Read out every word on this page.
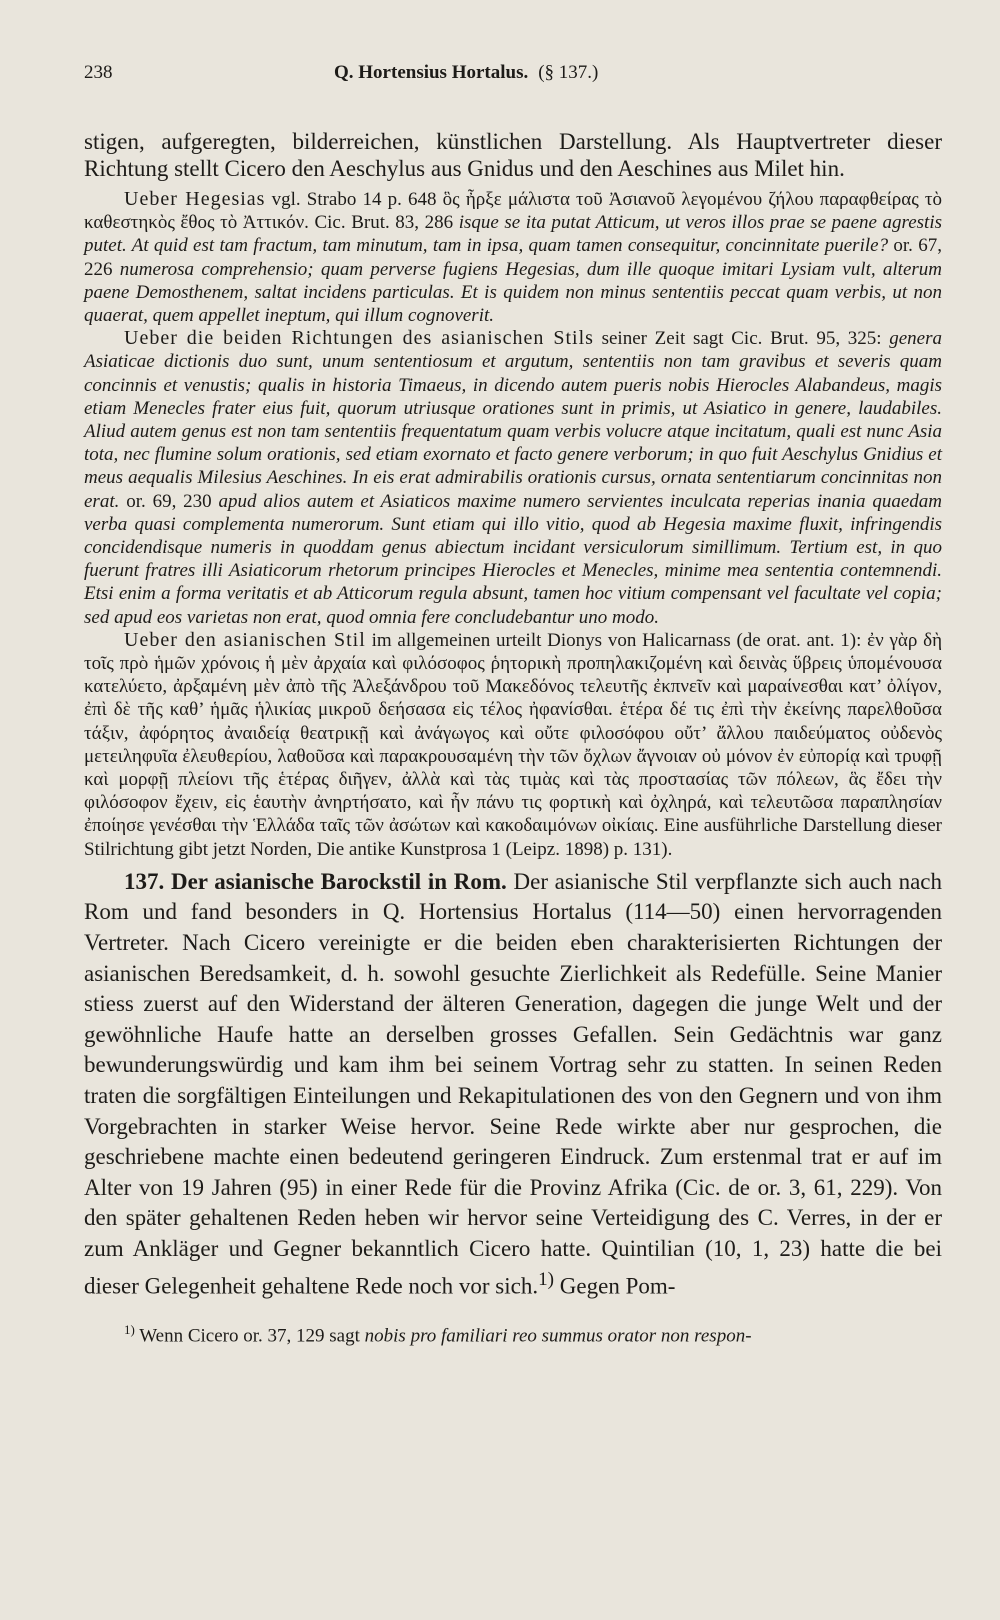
238	Q. Hortensius Hortalus. (§ 137.)

stigen, aufgeregten, bilderreichen, künstlichen Darstellung. Als Hauptvertreter dieser Richtung stellt Cicero den Aeschylus aus Gnidus und den Aeschines aus Milet hin.

Ueber Hegesias vgl. Strabo 14 p. 648 ὃς ἦρξε μάλιστα τοῦ Ἀσιανοῦ λεγομένου ζήλου παραφθείρας τὸ καθεστηκὸς ἔθος τὸ Ἀττικόν. Cic. Brut. 83, 286 isque se ita putat Atticum, ut veros illos prae se paene agrestis putet. At quid est tam fractum, tam minutum, tam in ipsa, quam tamen consequitur, concinnitate puerile? or. 67, 226 numerosa comprehensio; quam perverse fugiens Hegesias, dum ille quoque imitari Lysiam vult, alterum paene Demosthenem, saltat incidens particulas. Et is quidem non minus sententiis peccat quam verbis, ut non quaerat, quem appellet ineptum, qui illum cognoverit.

Ueber die beiden Richtungen des asianischen Stils seiner Zeit sagt Cic. Brut. 95, 325: genera Asiaticae dictionis duo sunt, unum sententiosum et argutum, sententiis non tam gravibus et severis quam concinnis et venustis; qualis in historia Timaeus, in dicendo autem pueris nobis Hierocles Alabandeus, magis etiam Menecles frater eius fuit, quorum utriusque orationes sunt in primis, ut Asiatico in genere, laudabiles. Aliud autem genus est non tam sententiis frequentatum quam verbis volucre atque incitatum, quali est nunc Asia tota, nec flumine solum orationis, sed etiam exornato et facto genere verborum; in quo fuit Aeschylus Gnidius et meus aequalis Milesius Aeschines. In eis erat admirabilis orationis cursus, ornata sententiarum concinnitas non erat. or. 69, 230 apud alios autem et Asiaticos maxime numero servientes inculcata reperias inania quaedam verba quasi complementa numerorum. Sunt etiam qui illo vitio, quod ab Hegesia maxime fluxit, infringendis concidendisque numeris in quoddam genus abiectum incidant versiculorum simillimum. Tertium est, in quo fuerunt fratres illi Asiaticorum rhetorum principes Hierocles et Menecles, minime mea sententia contemnendi. Etsi enim a forma veritatis et ab Atticorum regula absunt, tamen hoc vitium compensant vel facultate vel copia; sed apud eos varietas non erat, quod omnia fere concludebantur uno modo.

Ueber den asianischen Stil im allgemeinen urteilt Dionys von Halicarnass (de orat. ant. 1): ἐν γὰρ δὴ τοῖς πρὸ ἡμῶν χρόνοις ἡ μὲν ἀρχαία καὶ φιλόσοφος ῥητορικὴ προπηλακιζομένη καὶ δεινὰς ὕβρεις ὑπομένουσα κατελύετο, ἀρξαμένη μὲν ἀπὸ τῆς Ἀλεξάνδρου τοῦ Μακεδόνος τελευτῆς ἐκπνεῖν καὶ μαραίνεσθαι κατ’ ὀλίγον, ἐπὶ δὲ τῆς καθ’ ἡμᾶς ἡλικίας μικροῦ δεήσασα εἰς τέλος ἠφανίσθαι. ἑτέρα δέ τις ἐπὶ τὴν ἐκείνης παρελθοῦσα τάξιν, ἀφόρητος ἀναιδείᾳ θεατρικῇ καὶ ἀνάγωγος καὶ οὔτε φιλοσόφου οὔτ’ ἄλλου παιδεύματος οὐδενὸς μετειληφυῖα ἐλευθερίου, λαθοῦσα καὶ παρακρουσαμένη τὴν τῶν ὄχλων ἄγνοιαν οὐ μόνον ἐν εὐπορίᾳ καὶ τρυφῇ καὶ μορφῇ πλείονι τῆς ἑτέρας διῆγεν, ἀλλὰ καὶ τὰς τιμὰς καὶ τὰς προστασίας τῶν πόλεων, ἃς ἔδει τὴν φιλόσοφον ἔχειν, εἰς ἑαυτὴν ἀνηρτήσατο, καὶ ἦν πάνυ τις φορτικὴ καὶ ὀχληρά, καὶ τελευτῶσα παραπλησίαν ἐποίησε γενέσθαι τὴν Ἑλλάδα ταῖς τῶν ἀσώτων καὶ κακοδαιμόνων οἰκίαις. Eine ausführliche Darstellung dieser Stilrichtung gibt jetzt Norden, Die antike Kunstprosa 1 (Leipz. 1898) p. 131).

137. Der asianische Barockstil in Rom. Der asianische Stil verpflanzte sich auch nach Rom und fand besonders in Q. Hortensius Hortalus (114—50) einen hervorragenden Vertreter. Nach Cicero vereinigte er die beiden eben charakterisierten Richtungen der asianischen Beredsamkeit, d. h. sowohl gesuchte Zierlichkeit als Redefülle. Seine Manier stiess zuerst auf den Widerstand der älteren Generation, dagegen die junge Welt und der gewöhnliche Haufe hatte an derselben grosses Gefallen. Sein Gedächtnis war ganz bewunderungswürdig und kam ihm bei seinem Vortrag sehr zu statten. In seinen Reden traten die sorgfältigen Einteilungen und Rekapitulationen des von den Gegnern und von ihm Vorgebrachten in starker Weise hervor. Seine Rede wirkte aber nur gesprochen, die geschriebene machte einen bedeutend geringeren Eindruck. Zum erstenmal trat er auf im Alter von 19 Jahren (95) in einer Rede für die Provinz Afrika (Cic. de or. 3, 61, 229). Von den später gehaltenen Reden heben wir hervor seine Verteidigung des C. Verres, in der er zum Ankläger und Gegner bekanntlich Cicero hatte. Quintilian (10, 1, 23) hatte die bei dieser Gelegenheit gehaltene Rede noch vor sich.$^{1)}$ Gegen Pom-

$^{1)}$ Wenn Cicero or. 37, 129 sagt nobis pro familiari reo summus orator non respon-
